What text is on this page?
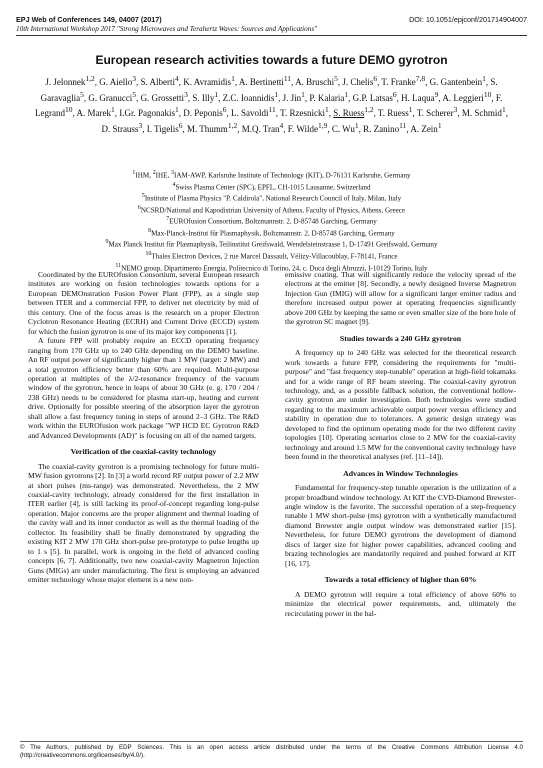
EPJ Web of Conferences 149, 04007 (2017)	DOI: 10.1051/epjconf/201714904007
10th International Workshop 2017 "Strong Microwaves and Terahertz Waves: Sources and Applications"
European research activities towards a future DEMO gyrotron
J. Jelonnek$^{1,2}$, G. Aiello$^3$, S. Alberti$^4$, K. Avramidis$^1$, A. Bertinetti$^{11}$, A. Bruschi$^5$, J. Chelis$^6$, T. Franke$^{7,8}$, G. Gantenbein$^1$, S. Garavaglia$^5$, G. Granucci$^5$, G. Grossetti$^3$, S. Illy$^1$, Z.C. Ioannidis$^1$, J. Jin$^1$, P. Kalaria$^1$, G.P. Latsas$^6$, H. Laqua$^9$, A. Leggieri$^{10}$, F. Legrand$^{10}$, A. Marek$^1$, I.Gr. Pagonakis$^1$, D. Peponis$^6$, L. Savoldi$^{11}$, T. Rzesnicki$^1$, S. Ruess$^{1,2}$, T. Ruess$^1$, T. Scherer$^3$, M. Schmid$^1$, D. Strauss$^3$, I. Tigelis$^6$, M. Thumm$^{1,2}$, M.Q. Tran$^4$, F. Wilde$^{1,9}$, C. Wu$^1$, R. Zanino$^{11}$, A. Zein$^1$
$^1$IHM, $^2$IHE, $^3$IAM-AWP, Karlsruhe Institute of Technology (KIT), D-76131 Karlsruhe, Germany
$^4$Swiss Plasma Center (SPC), EPFL, CH-1015 Lausanne, Switzerland
$^5$Institute of Plasma Physics "P. Caldirola", National Research Council of Italy, Milan, Italy
$^6$NCSRD/National and Kapodistrian University of Athens, Faculty of Physics, Athens, Greece
$^7$EUROfusion Consortium, Boltzmannstr. 2, D-85748 Garching, Germany
$^8$Max-Planck-Institut für Plasmaphysik, Boltzmannstr. 2, D-85748 Garching, Germany
$^9$Max Planck Institut für Plasmaphysik, Teilinstitut Greifswald, Wendelsteinstrasse 1, D-17491 Greifswald, Germany
$^{10}$Thales Electron Devices, 2 rue Marcel Dassault, Vélizy-Villacoublay, F-78141, France
$^{11}$NEMO group, Dipartimento Energia, Politecnico di Torino, 24, c. Duca degli Abruzzi, I-10129 Torino, Italy

Coordinated by the EUROfusion Consortium, several European research institutes are working on fusion technologies towards options for a European DEMOnstration Fusion Power Plant (FPP), as a single step between ITER and a commercial FPP, to deliver net electricity by mid of this century. One of the focus areas is the research on a proper Electron Cyclotron Resonance Heating (ECRH) and Current Drive (ECCD) system for which the fusion gyrotron is one of its major key components [1].

A future FPP will probably require an ECCD operating frequency ranging from 170 GHz up to 240 GHz depending on the DEMO baseline. An RF output power of significantly higher than 1 MW (target: 2 MW) and a total gyrotron efficiency better than 60% are required. Multi-purpose operation at multiples of the λ/2-resonance frequency of the vacuum window of the gyrotron, hence in leaps of about 30 GHz (e. g. 170 / 204 / 238 GHz) needs to be considered for plasma start-up, heating and current drive. Optionally for possible steering of the absorption layer the gyrotron shall allow a fast frequency tuning in steps of around 2–3 GHz. The R&D work within the EUROfusion work package "WP HCD EC Gyrotron R&D and Advanced Developments (AD)" is focusing on all of the named targets.

Verification of the coaxial-cavity technology

The coaxial-cavity gyrotron is a promising technology for future multi-MW fusion gyrotrons [2]. In [3] a world record RF output power of 2.2 MW at short pulses (ms-range) was demonstrated. Nevertheless, the 2 MW coaxial-cavity technology, already considered for the first installation in ITER earlier [4], is still lacking its proof-of-concept regarding long-pulse operation. Major concerns are the proper alignment and thermal loading of the cavity wall and its inner conductor as well as the thermal loading of the collector. Its feasibility shall be finally demonstrated by upgrading the existing KIT 2 MW 170 GHz short-pulse pre-prototype to pulse lengths up to 1 s [5]. In parallel, work is ongoing in the field of advanced cooling concepts [6, 7]. Additionally, two new coaxial-cavity Magnetron Injection Guns (MIGs) are under manufacturing. The first is employing an advanced emitter technology whose major element is a new non-

emissive coating. That will significantly reduce the velocity spread of the electrons at the emitter [8]. Secondly, a newly designed Inverse Magnetron Injection Gun (IMIG) will allow for a significant larger emitter radius and therefore increased output power at operating frequencies significantly above 200 GHz by keeping the same or even smaller size of the bore hole of the gyrotron SC magnet [9].

Studies towards a 240 GHz gyrotron

A frequency up to 240 GHz was selected for the theoretical research work towards a future FPP, considering the requirements for "multi-purpose" and "fast frequency step-tunable" operation at high-field tokamaks and for a wide range of RF beam steering. The coaxial-cavity gyrotron technology, and, as a possible fallback solution, the conventional hollow-cavity gyrotron are under investigation. Both technologies were studied regarding to the maximum achievable output power versus efficiency and stability in operation due to tolerances. A generic design strategy was developed to find the optimum operating mode for the two different cavity topologies [10]. Operating scenarios close to 2 MW for the coaxial-cavity technology and around 1.5 MW for the conventional cavity technology have been found in the theoretical analyses (ref. [11–14]).

Advances in Window Technologies

Fundamental for frequency-step tunable operation is the utilization of a proper broadband window technology. At KIT the CVD-Diamond Brewster-angle window is the favorite. The successful operation of a step-frequency tunable 1 MW short-pulse (ms) gyrotron with a synthetically manufactured diamond Brewster angle output window was demonstrated earlier [15]. Nevertheless, for future DEMO gyrotrons the development of diamond discs of larger size for higher power capabilities, advanced cooling and brazing technologies are mandatorily required and pushed forward at KIT [16, 17].

Towards a total efficiency of higher than 60%

A DEMO gyrotron will require a total efficiency of above 60% to minimize the electrical power requirements, and, ultimately the recirculating power in the bal-

© The Authors, published by EDP Sciences. This is an open access article distributed under the terms of the Creative Commons Attribution License 4.0 (http://creativecommons.org/licenses/by/4.0/).
